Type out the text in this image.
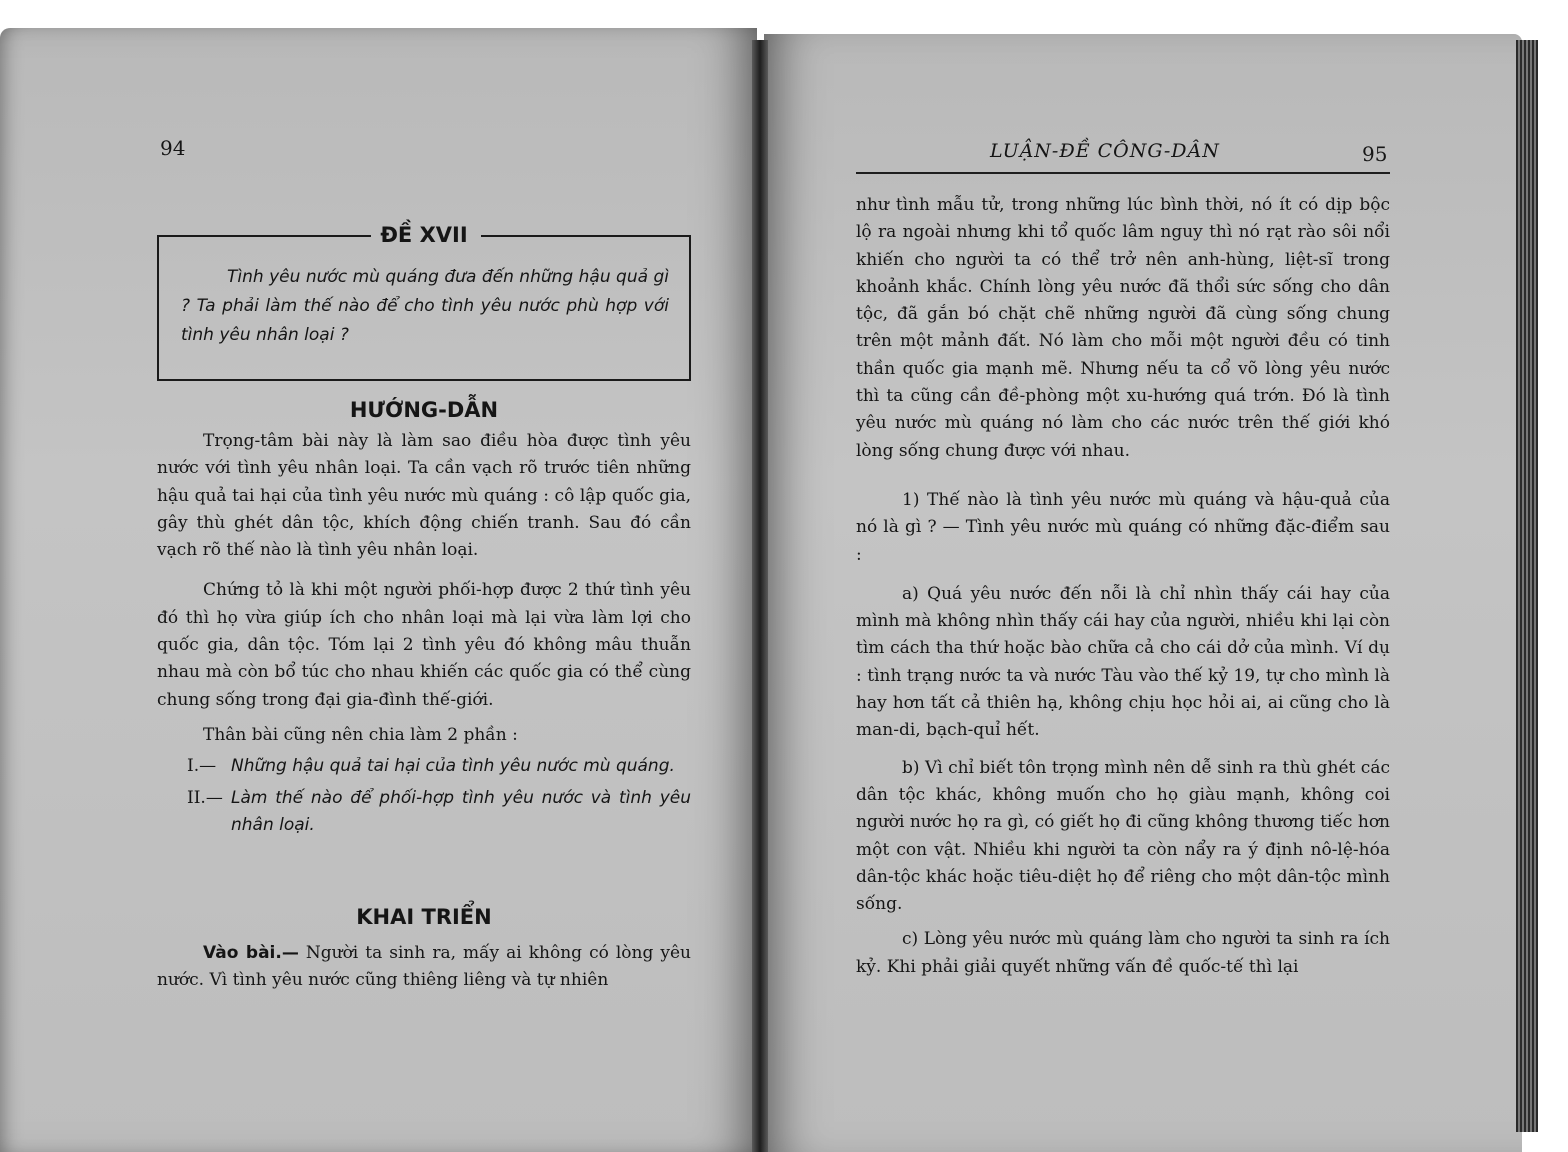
94
ĐỀ XVII
Tình yêu nước mù quáng đưa đến những hậu quả gì ? Ta phải làm thế nào để cho tình yêu nước phù hợp với tình yêu nhân loại ?
HƯỚNG-DẪN

Trọng-tâm bài này là làm sao điều hòa được tình yêu nước với tình yêu nhân loại. Ta cần vạch rõ trước tiên những hậu quả tai hại của tình yêu nước mù quáng : cô lập quốc gia, gây thù ghét dân tộc, khích động chiến tranh. Sau đó cần vạch rõ thế nào là tình yêu nhân loại.

Chứng tỏ là khi một người phối-hợp được 2 thứ tình yêu đó thì họ vừa giúp ích cho nhân loại mà lại vừa làm lợi cho quốc gia, dân tộc. Tóm lại 2 tình yêu đó không mâu thuẫn nhau mà còn bổ túc cho nhau khiến các quốc gia có thể cùng chung sống trong đại gia-đình thế-giới.

Thân bài cũng nên chia làm 2 phần :

I.— Những hậu quả tai hại của tình yêu nước mù quáng.
II.— Làm thế nào để phối-hợp tình yêu nước và tình yêu nhân loại.
KHAI TRIỂN

Vào bài.— Người ta sinh ra, mấy ai không có lòng yêu nước. Vì tình yêu nước cũng thiêng liêng và tự nhiên

LUẬN-ĐỀ CÔNG-DÂN	95

như tình mẫu tử, trong những lúc bình thời, nó ít có dịp bộc lộ ra ngoài nhưng khi tổ quốc lâm nguy thì nó rạt rào sôi nổi khiến cho người ta có thể trở nên anh-hùng, liệt-sĩ trong khoảnh khắc. Chính lòng yêu nước đã thổi sức sống cho dân tộc, đã gắn bó chặt chẽ những người đã cùng sống chung trên một mảnh đất. Nó làm cho mỗi một người đều có tinh thần quốc gia mạnh mẽ. Nhưng nếu ta cổ võ lòng yêu nước thì ta cũng cần đề-phòng một xu-hướng quá trớn. Đó là tình yêu nước mù quáng nó làm cho các nước trên thế giới khó lòng sống chung được với nhau.

1) Thế nào là tình yêu nước mù quáng và hậu-quả của nó là gì ? — Tình yêu nước mù quáng có những đặc-điểm sau :

a) Quá yêu nước đến nỗi là chỉ nhìn thấy cái hay của mình mà không nhìn thấy cái hay của người, nhiều khi lại còn tìm cách tha thứ hoặc bào chữa cả cho cái dở của mình. Ví dụ : tình trạng nước ta và nước Tàu vào thế kỷ 19, tự cho mình là hay hơn tất cả thiên hạ, không chịu học hỏi ai, ai cũng cho là man-di, bạch-quỉ hết.

b) Vì chỉ biết tôn trọng mình nên dễ sinh ra thù ghét các dân tộc khác, không muốn cho họ giàu mạnh, không coi người nước họ ra gì, có giết họ đi cũng không thương tiếc hơn một con vật. Nhiều khi người ta còn nẩy ra ý định nô-lệ-hóa dân-tộc khác hoặc tiêu-diệt họ để riêng cho một dân-tộc mình sống.

c) Lòng yêu nước mù quáng làm cho người ta sinh ra ích kỷ. Khi phải giải quyết những vấn đề quốc-tế thì lại
